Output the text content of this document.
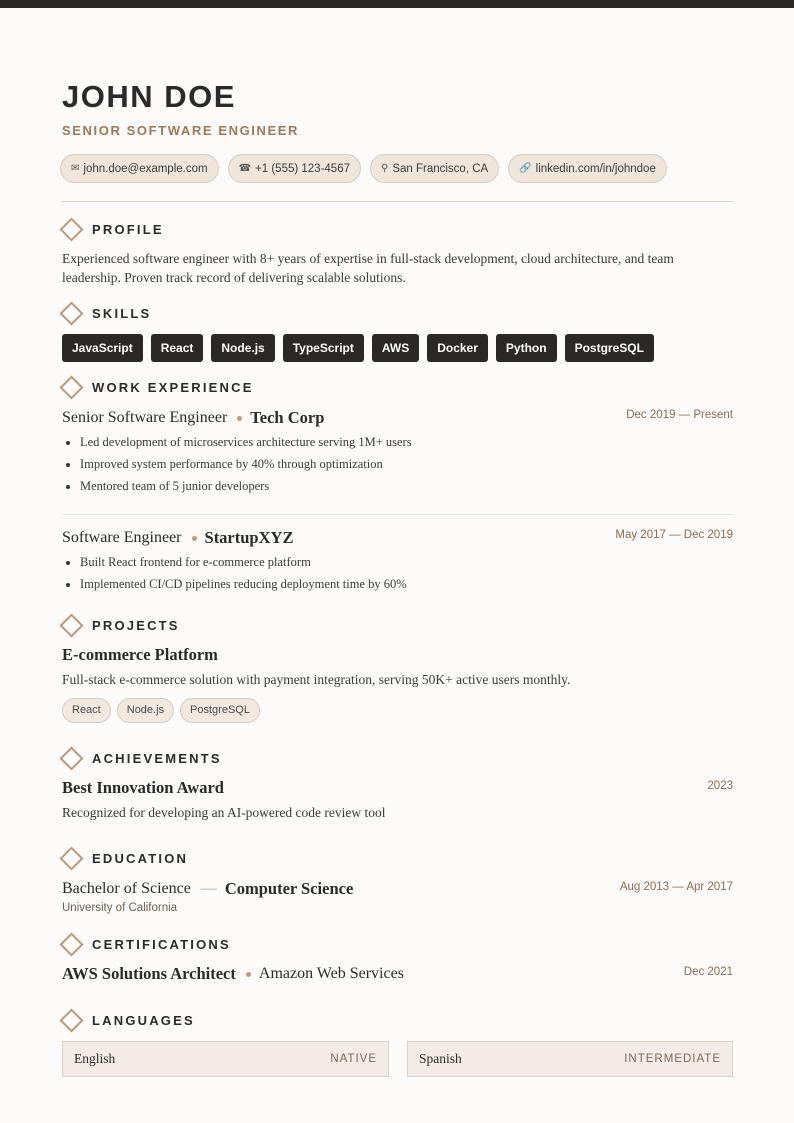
JOHN DOE
SENIOR SOFTWARE ENGINEER
✉ john.doe@example.com	☎ +1 (555) 123-4567	⚲ San Francisco, CA	🔗 linkedin.com/in/johndoe
PROFILE
Experienced software engineer with 8+ years of expertise in full-stack development, cloud architecture, and team leadership. Proven track record of delivering scalable solutions.
SKILLS
JavaScript	React	Node.js	TypeScript	AWS	Docker	Python	PostgreSQL
WORK EXPERIENCE
Senior Software Engineer Tech Corp	Dec 2019 — Present
Led development of microservices architecture serving 1M+ users
Improved system performance by 40% through optimization
Mentored team of 5 junior developers
Software Engineer StartupXYZ	May 2017 — Dec 2019
Built React frontend for e-commerce platform
Implemented CI/CD pipelines reducing deployment time by 60%
PROJECTS
E-commerce Platform
Full-stack e-commerce solution with payment integration, serving 50K+ active users monthly.
React	Node.js	PostgreSQL
ACHIEVEMENTS
Best Innovation Award	2023
Recognized for developing an AI-powered code review tool
EDUCATION
Bachelor of Science — Computer Science	Aug 2013 — Apr 2017
University of California
CERTIFICATIONS
AWS Solutions Architect Amazon Web Services	Dec 2021
LANGUAGES
English	NATIVE	Spanish	INTERMEDIATE
